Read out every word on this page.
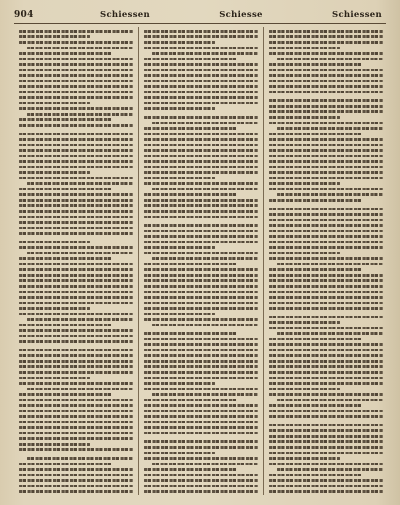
904	Schiessen	Schiesse	Schiessen
